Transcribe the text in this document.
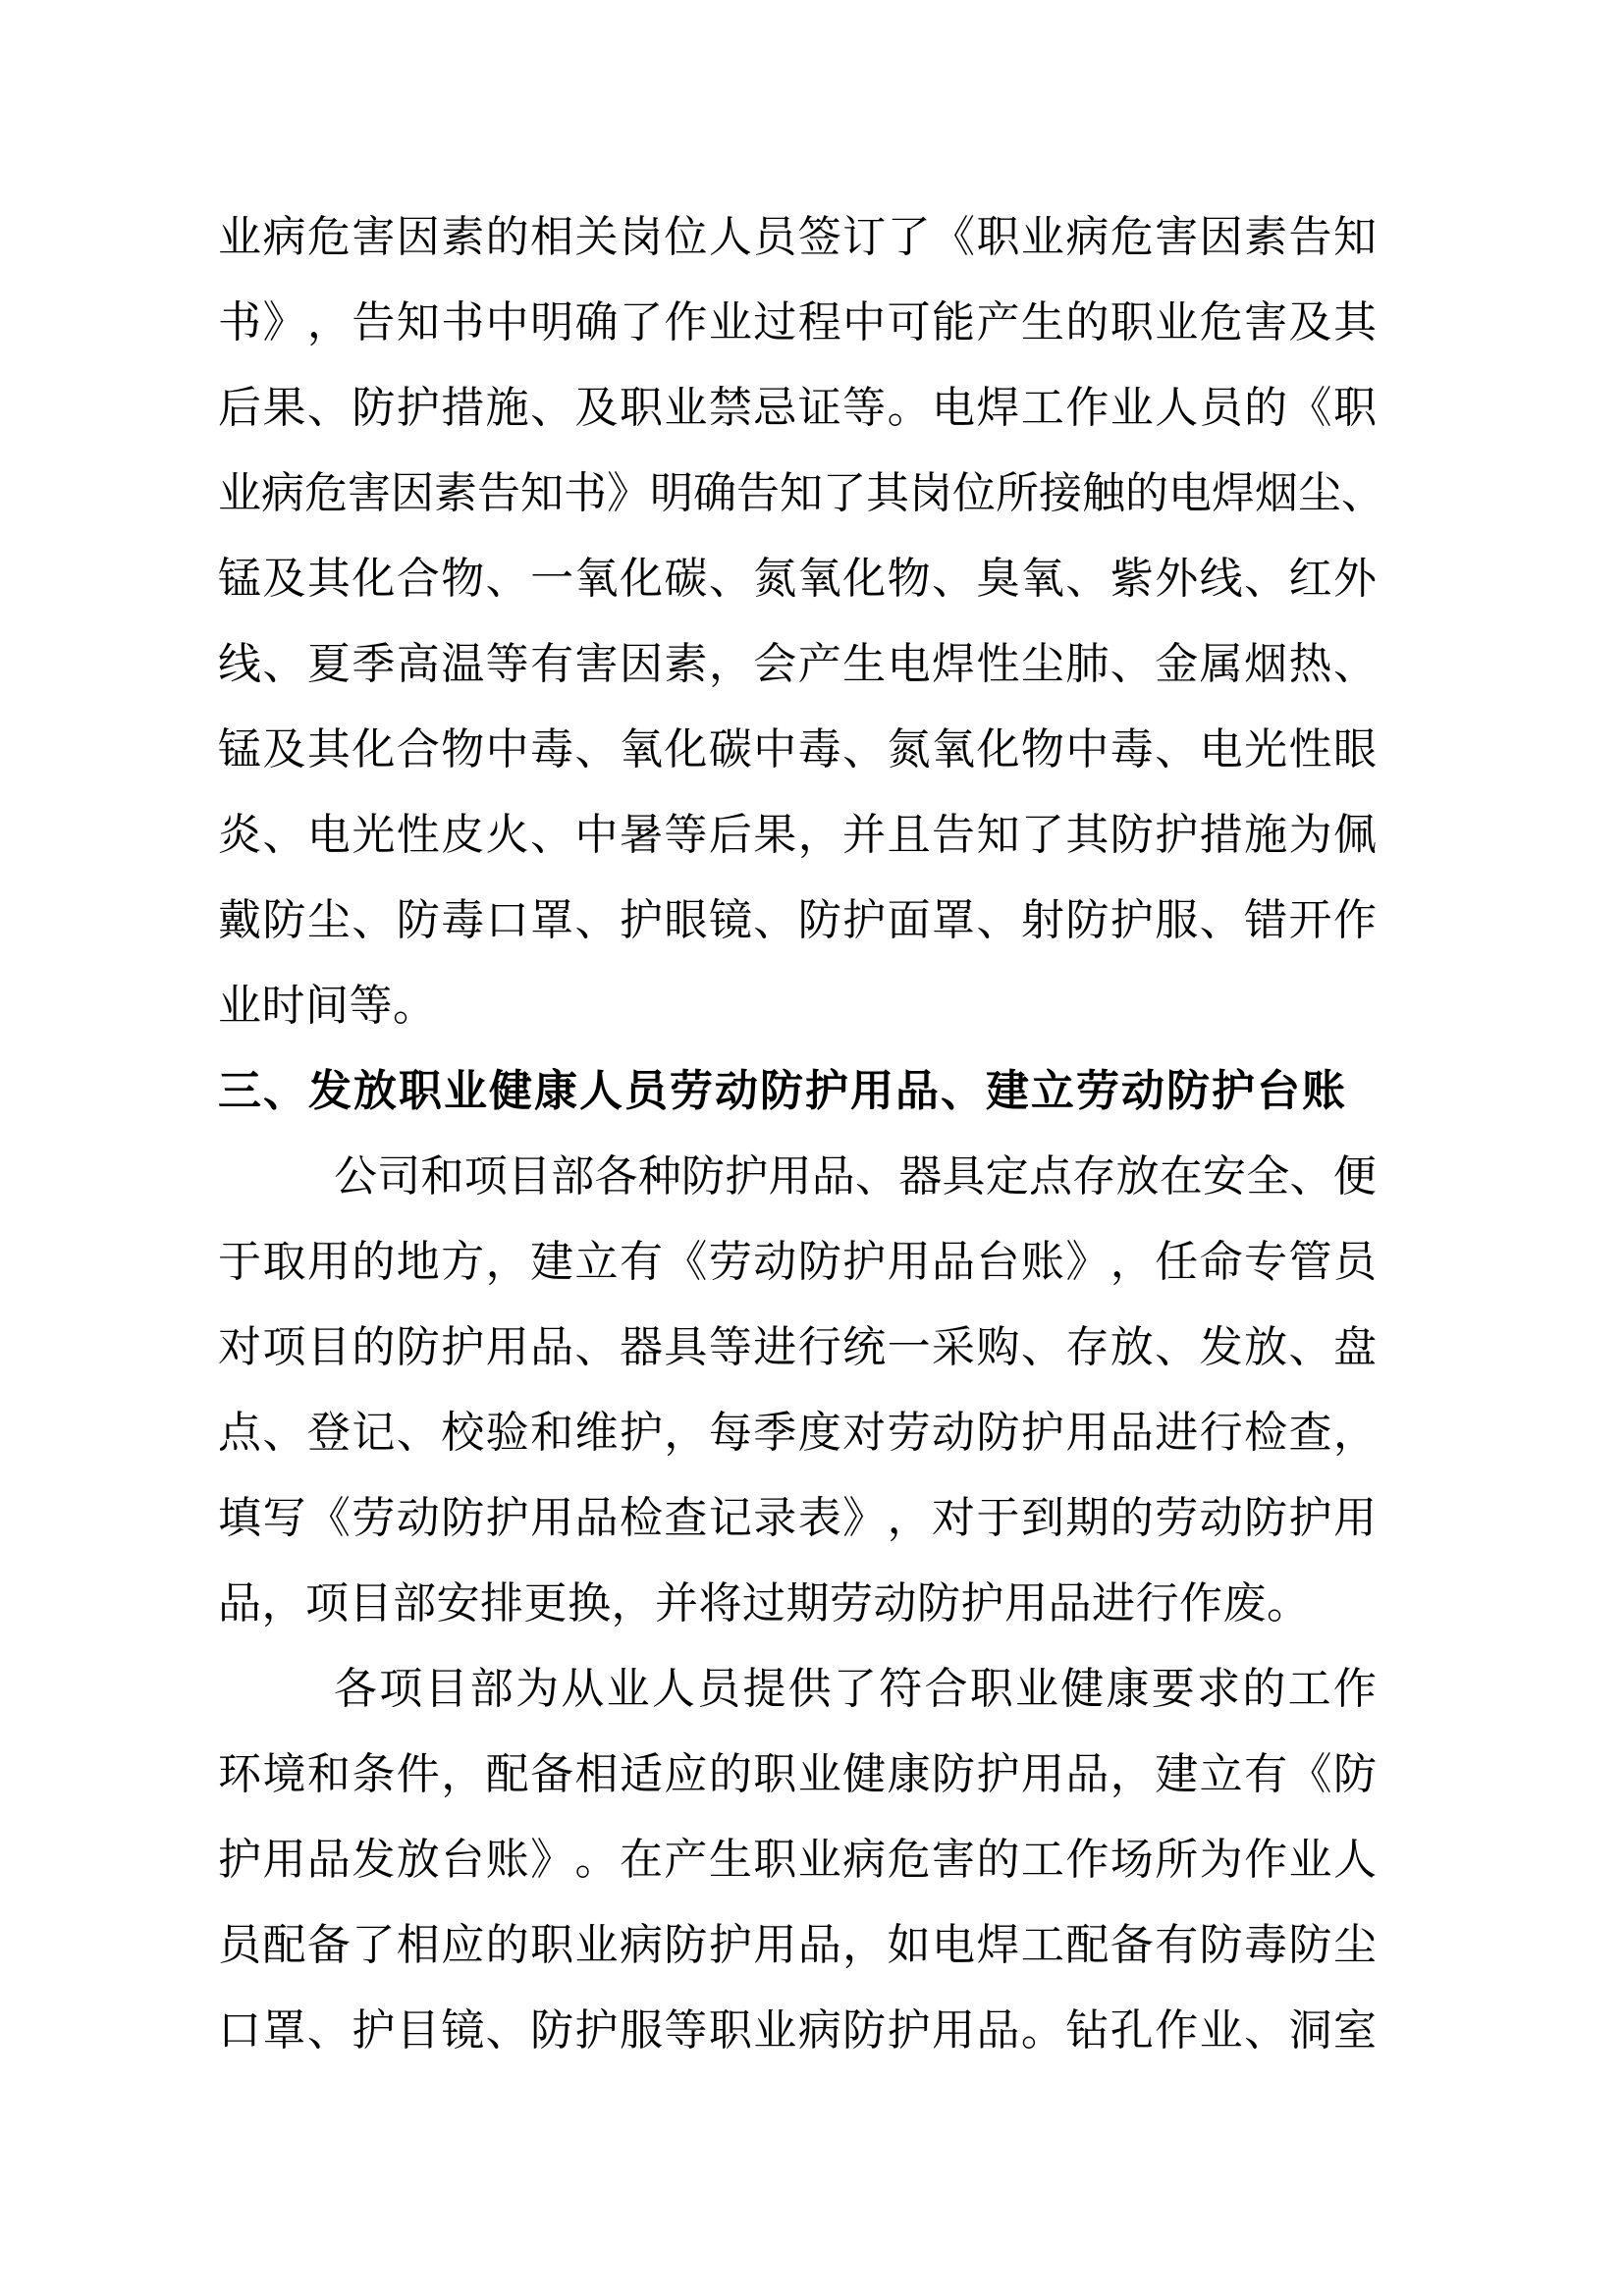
业 病 危 害 因 素 的 相 关 岗 位 人 员 签 订 了 《 职 业 病 危 害 因 素 告 知
书 》 ， 告 知 书 中 明 确 了 作 业 过 程 中 可 能 产 生 的 职 业 危 害 及 其
后 果 、 防 护 措 施 、 及 职 业 禁 忌 证 等 。 电 焊 工 作 业 人 员 的 《 职
业 病 危 害 因 素 告 知 书 》 明 确 告 知 了 其 岗 位 所 接 触 的 电 焊 烟 尘 、
锰 及 其 化 合 物 、 一 氧 化 碳 、 氮 氧 化 物 、 臭 氧 、 紫 外 线 、 红 外
线 、 夏 季 高 温 等 有 害 因 素 ， 会 产 生 电 焊 性 尘 肺 、 金 属 烟 热 、
锰 及 其 化 合 物 中 毒 、 氧 化 碳 中 毒 、 氮 氧 化 物 中 毒 、 电 光 性 眼
炎 、 电 光 性 皮 火 、 中 暑 等 后 果 ， 并 且 告 知 了 其 防 护 措 施 为 佩
戴 防 尘 、 防 毒 口 罩 、 护 眼 镜 、 防 护 面 罩 、 射 防 护 服 、 错 开 作
业时间等。
三、发放职业健康人员劳动防护用品、建立劳动防护台账
公 司 和 项 目 部 各 种 防 护 用 品 、 器 具 定 点 存 放 在 安 全 、 便
于 取 用 的 地 方 ， 建 立 有 《 劳 动 防 护 用 品 台 账 》 ， 任 命 专 管 员
对 项 目 的 防 护 用 品 、 器 具 等 进 行 统 一 采 购 、 存 放 、 发 放 、 盘
点 、 登 记 、 校 验 和 维 护 ， 每 季 度 对 劳 动 防 护 用 品 进 行 检 查 ，
填 写 《 劳 动 防 护 用 品 检 查 记 录 表 》 ， 对 于 到 期 的 劳 动 防 护 用
品，项目部安排更换，并将过期劳动防护用品进行作废。
各 项 目 部 为 从 业 人 员 提 供 了 符 合 职 业 健 康 要 求 的 工 作
环 境 和 条 件 ， 配 备 相 适 应 的 职 业 健 康 防 护 用 品 ， 建 立 有 《 防
护 用 品 发 放 台 账 》 。 在 产 生 职 业 病 危 害 的 工 作 场 所 为 作 业 人
员 配 备 了 相 应 的 职 业 病 防 护 用 品 ， 如 电 焊 工 配 备 有 防 毒 防 尘
口 罩 、 护 目 镜 、 防 护 服 等 职 业 病 防 护 用 品 。 钻 孔 作 业 、 洞 室
